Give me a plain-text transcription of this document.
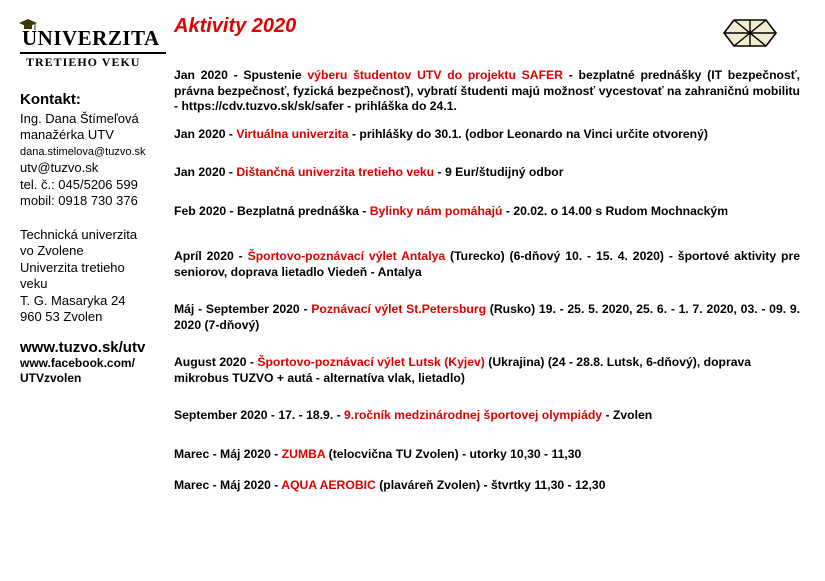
UNIVERZITA
TRETIEHO VEKU
Aktivity 2020
Kontakt:
Ing. Dana Štímeľová
manažérka UTV
dana.stimelova@tuzvo.sk
utv@tuzvo.sk
tel. č.: 045/5206 599
mobil: 0918 730 376
Technická univerzita
vo Zvolene
Univerzita tretieho
veku
T. G. Masaryka 24
960 53 Zvolen
www.tuzvo.sk/utv
www.facebook.com/
UTVzvolen
Jan 2020 - Spustenie výberu študentov UTV do projektu SAFER - bezplatné prednášky (IT bezpečnosť, právna bezpečnosť, fyzická bezpečnosť), vybratí študenti majú možnosť vycestovať na zahraničnú mobilitu - https://cdv.tuzvo.sk/sk/safer - prihláška do 24.1.
Jan 2020 - Virtuálna univerzita - prihlášky do 30.1. (odbor Leonardo na Vinci určite otvorený)
Jan 2020 - Dištančná univerzita tretieho veku - 9 Eur/študijný odbor
Feb 2020 - Bezplatná prednáška - Bylinky nám pomáhajú - 20.02. o 14.00 s Rudom Mochnackým
Apríl 2020 - Športovo-poznávací výlet Antalya (Turecko) (6-dňový 10. - 15. 4. 2020) - športové aktivity pre seniorov, doprava lietadlo Viedeň - Antalya
Máj - September 2020 - Poznávací výlet St.Petersburg (Rusko) 19. - 25. 5. 2020, 25. 6. - 1. 7. 2020, 03. - 09. 9. 2020 (7-dňový)
August 2020 - Športovo-poznávací výlet Lutsk (Kyjev) (Ukrajina) (24 - 28.8. Lutsk, 6-dňový), doprava mikrobus TUZVO + autá - alternatíva vlak, lietadlo)
September 2020 - 17. - 18.9. - 9.ročník medzinárodnej športovej olympiády - Zvolen
Marec - Máj 2020 - ZUMBA (telocvična TU Zvolen) - utorky 10,30 - 11,30
Marec - Máj 2020 - AQUA AEROBIC (plaváreň Zvolen) - štvrtky 11,30 - 12,30
